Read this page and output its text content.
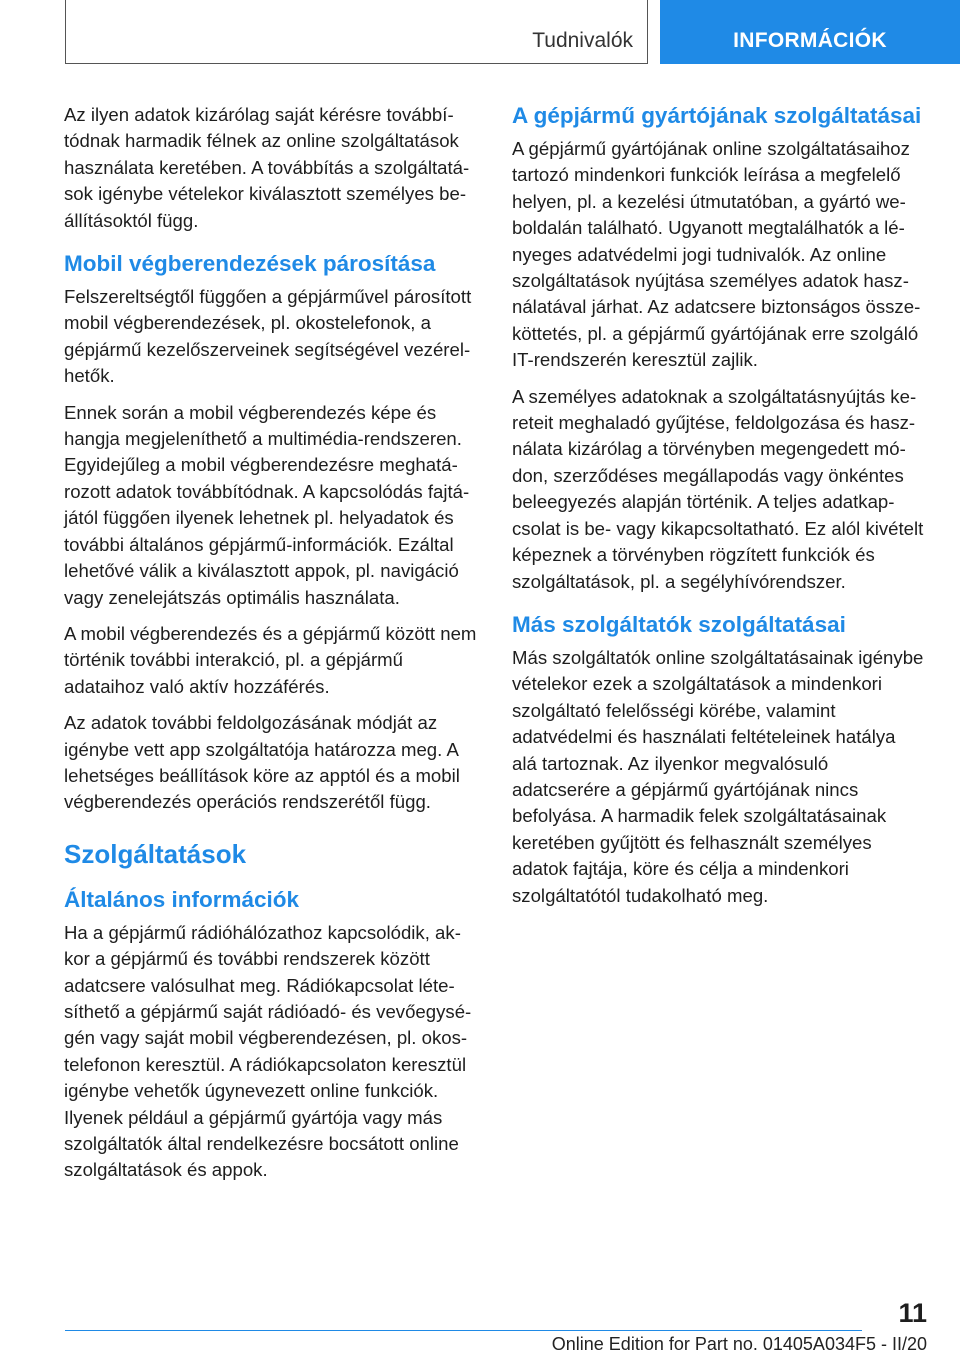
Tudnivalók	INFORMÁCIÓK

Az ilyen adatok kizárólag saját kérésre továbbítódnak harmadik félnek az online szolgáltatások használata keretében. A továbbítás a szolgáltatások igénybe vételekor kiválasztott személyes beállításoktól függ.

Mobil végberendezések párosítása

Felszereltségtől függően a gépjárművel párosított mobil végberendezések, pl. okostelefonok, a gépjármű kezelőszerveinek segítségével vezérelhetők.

Ennek során a mobil végberendezés képe és hangja megjeleníthető a multimédia-rendszeren. Egyidejűleg a mobil végberendezésre meghatározott adatok továbbítódnak. A kapcsolódás fajtájától függően ilyenek lehetnek pl. helyadatok és további általános gépjármű-információk. Ezáltal lehetővé válik a kiválasztott appok, pl. navigáció vagy zenelejátszás optimális használata.

A mobil végberendezés és a gépjármű között nem történik további interakció, pl. a gépjármű adataihoz való aktív hozzáférés.

Az adatok további feldolgozásának módját az igénybe vett app szolgáltatója határozza meg. A lehetséges beállítások köre az apptól és a mobil végberendezés operációs rendszerétől függ.

Szolgáltatások
Általános információk

Ha a gépjármű rádióhálózathoz kapcsolódik, akkor a gépjármű és további rendszerek között adatcsere valósulhat meg. Rádiókapcsolat létesíthető a gépjármű saját rádióadó- és vevőegységén vagy saját mobil végberendezésen, pl. okostelefonon keresztül. A rádiókapcsolaton keresztül igénybe vehetők úgynevezett online funkciók. Ilyenek például a gépjármű gyártója vagy más szolgáltatók által rendelkezésre bocsátott online szolgáltatások és appok.

A gépjármű gyártójának szolgáltatásai

A gépjármű gyártójának online szolgáltatásaihoz tartozó mindenkori funkciók leírása a megfelelő helyen, pl. a kezelési útmutatóban, a gyártó weboldalán található. Ugyanott megtalálhatók a lényeges adatvédelmi jogi tudnivalók. Az online szolgáltatások nyújtása személyes adatok használatával járhat. Az adatcsere biztonságos összeköttetés, pl. a gépjármű gyártójának erre szolgáló IT-rendszerén keresztül zajlik.

A személyes adatoknak a szolgáltatásnyújtás kereteit meghaladó gyűjtése, feldolgozása és használata kizárólag a törvényben megengedett módon, szerződéses megállapodás vagy önkéntes beleegyezés alapján történik. A teljes adatkapcsolat is be- vagy kikapcsoltatható. Ez alól kivételt képeznek a törvényben rögzített funkciók és szolgáltatások, pl. a segélyhívórendszer.

Más szolgáltatók szolgáltatásai

Más szolgáltatók online szolgáltatásainak igénybe vételekor ezek a szolgáltatások a mindenkori szolgáltató felelősségi körébe, valamint adatvédelmi és használati feltételeinek hatálya alá tartoznak. Az ilyenkor megvalósuló adatcserére a gépjármű gyártójának nincs befolyása. A harmadik felek szolgáltatásainak keretében gyűjtött és felhasznált személyes adatok fajtája, köre és célja a mindenkori szolgáltatótól tudakolható meg.

11
Online Edition for Part no. 01405A034F5 - II/20
